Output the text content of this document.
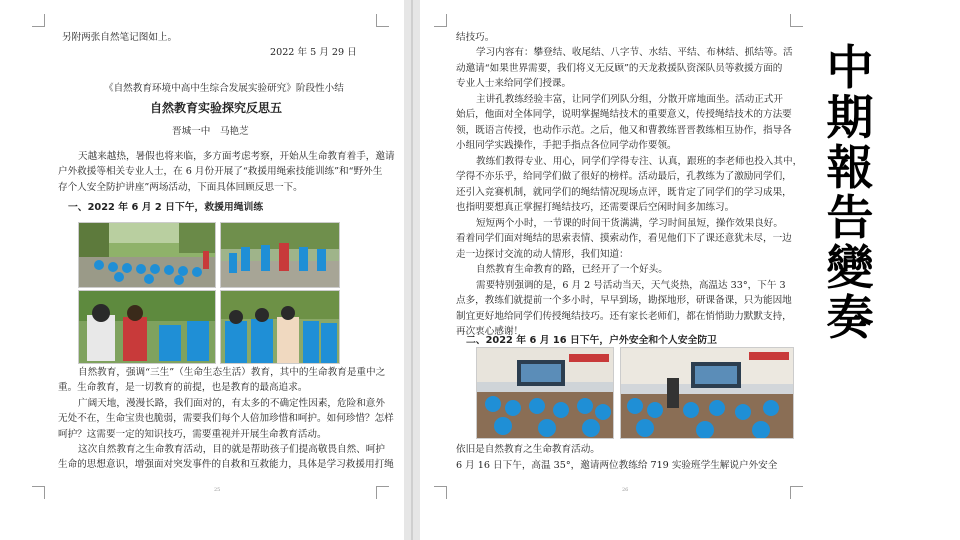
另附两张自然笔记图如上。
2022 年 5 月 29 日
《自然教育环境中高中生综合发展实验研究》阶段性小结
自然教育实验探究反思五
晋城一中　马艳芝
天越来越热，暑假也将来临，多方面考虑考察，开始从生命教育着手，邀请
户外救援等相关专业人士，在 6 月份开展了“救援用绳索技能训练”和“野外生
存个人安全防护讲座”两场活动，下面具体回顾反思一下。
一、2022 年 6 月 2 日下午，救援用绳训练
自然教育，强调“三生”（生命生态生活）教育，其中的生命教育是重中之
重。生命教育，是一切教育的前提，也是教育的最高追求。
广阔天地，漫漫长路，我们面对的，有太多的不确定性因素，危险和意外
无处不在，生命宝贵也脆弱，需要我们每个人倍加珍惜和呵护。如何珍惜？怎样
呵护？这需要一定的知识技巧，需要重视并开展生命教育活动。
这次自然教育之生命教育活动，目的就是帮助孩子们提高敬畏自然、呵护
生命的思想意识，增强面对突发事件的自救和互救能力，具体是学习救援用打绳
25
结技巧。
学习内容有：攀登结、收尾结、八字节、水结、平结、布林结、抓结等。活
动邀请“如果世界需要，我们将义无反顾”的天龙救援队资深队员等救援方面的
专业人士来给同学们授课。
主讲孔教练经验丰富，让同学们列队分组，分散开席地面坐。活动正式开
始后，他面对全体同学，说明掌握绳结技术的重要意义，传授绳结技术的方法要
领，既语言传授，也动作示范。之后，他又和曹教练晋晋教练相互协作，指导各
小组同学实践操作，手把手指点各位同学动作要领。
教练们教得专业、用心，同学们学得专注、认真，跟班的李老师也投入其中，
学得不亦乐乎，给同学们做了很好的榜样。活动最后，孔教练为了激励同学们，
还引入竞赛机制，就同学们的绳结情况现场点评，既肯定了同学们的学习成果，
也指明要想真正掌握打绳结技巧，还需要课后空闲时间多加练习。
短短两个小时，一节课的时间干货满满，学习时间虽短，操作效果良好。
看着同学们面对绳结的思索表情、摸索动作，看见他们下了课还意犹未尽，一边
走一边探讨交流的动人情形，我们知道：
自然教育生命教育的路，已经开了一个好头。
需要特别强调的是，6 月 2 号活动当天，天气炎热，高温达 33°，下午 3
点多，教练们就提前一个多小时，早早到场，勘探地形，研课备课，只为能因地
制宜更好地给同学们传授绳结技巧。还有家长老师们，都在悄悄助力默默支持，
再次衷心感谢！
二、2022 年 6 月 16 日下午，户外安全和个人安全防卫
依旧是自然教育之生命教育活动。
6 月 16 日下午，高温 35°，邀请两位教练给 719 实验班学生解说户外安全
26
中期報告變奏
